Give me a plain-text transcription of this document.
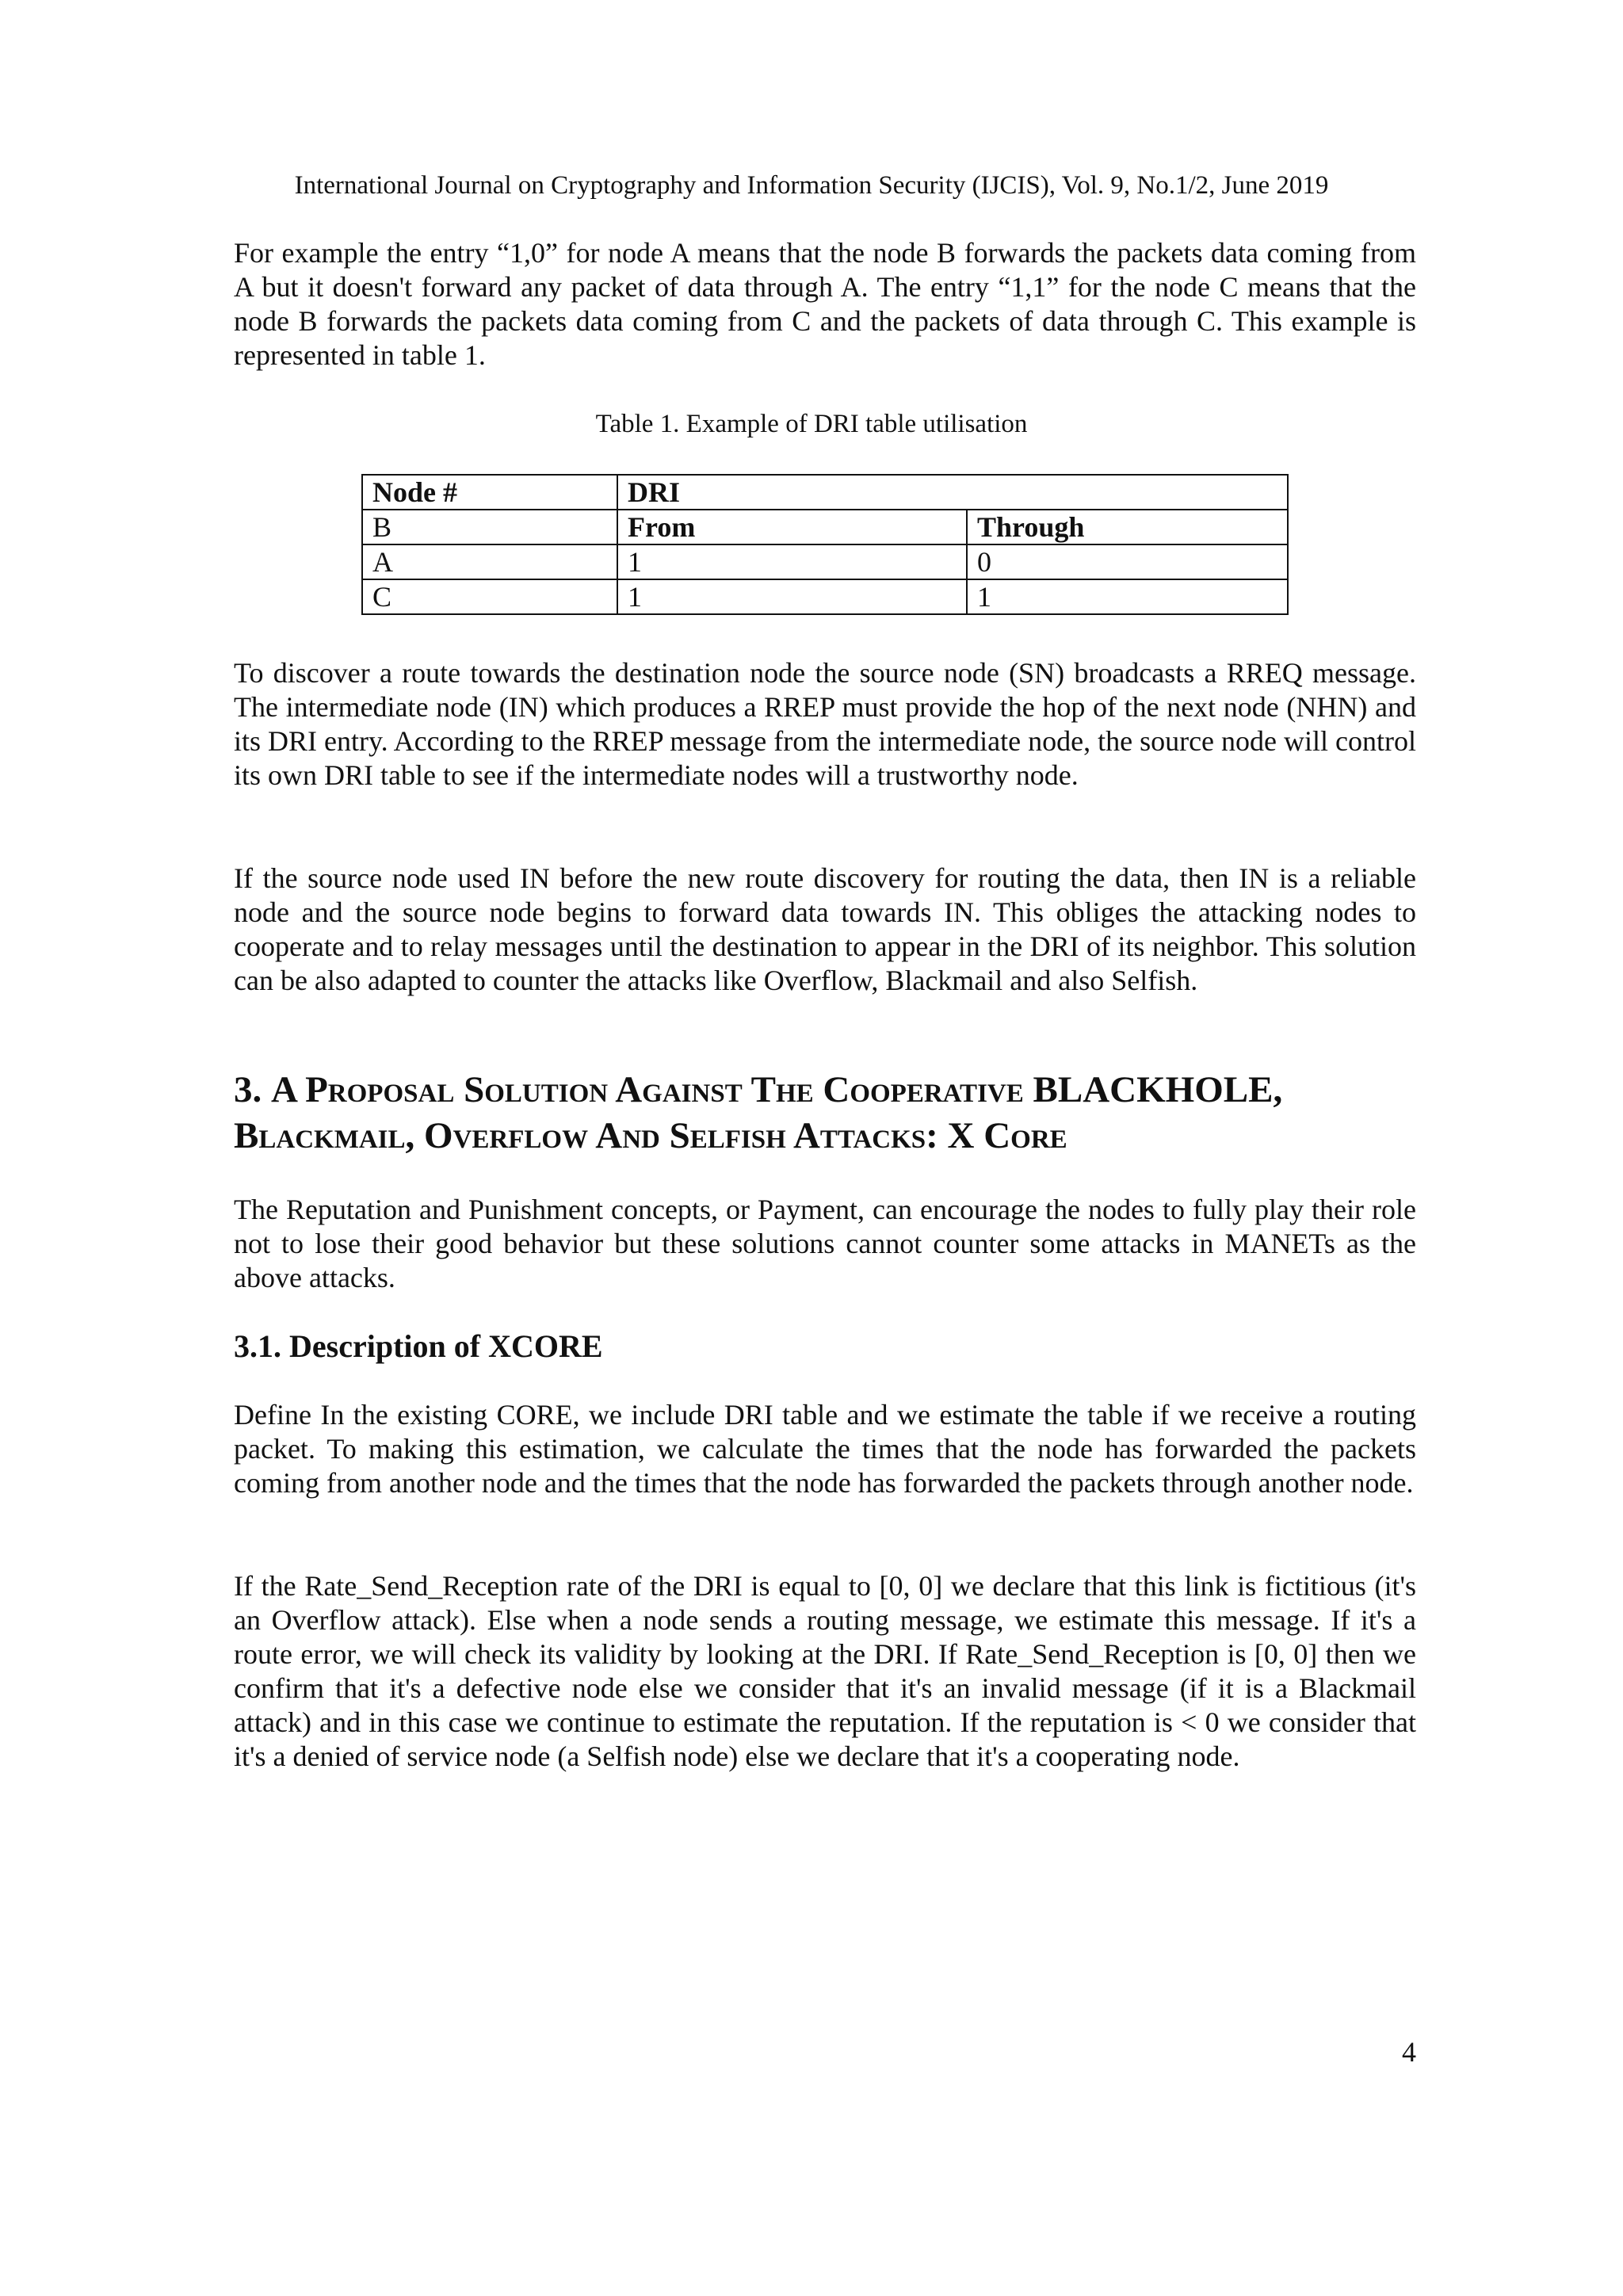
International Journal on Cryptography and Information Security (IJCIS), Vol. 9, No.1/2, June 2019

For example the entry “1,0” for node A means that the node B forwards the packets data coming from A but it doesn't forward any packet of data through A. The entry “1,1” for the node C means that the node B forwards the packets data coming from C and the packets of data through C. This example is represented in table 1.

Table 1. Example of DRI table utilisation
Node #	DRI	
B	From	Through
A	1	0
C	1	1

To discover a route towards the destination node the source node (SN) broadcasts a RREQ message. The intermediate node (IN) which produces a RREP must provide the hop of the next node (NHN) and its DRI entry. According to the RREP message from the intermediate node, the source node will control its own DRI table to see if the intermediate nodes will a trustworthy node.

If the source node used IN before the new route discovery for routing the data, then IN is a reliable node and the source node begins to forward data towards IN. This obliges the attacking nodes to cooperate and to relay messages until the destination to appear in the DRI of its neighbor. This solution can be also adapted to counter the attacks like Overflow, Blackmail and also Selfish.

3. A Proposal Solution Against The Cooperative BLACKHOLE,
Blackmail, Overflow And Selfish Attacks: X Core

The Reputation and Punishment concepts, or Payment, can encourage the nodes to fully play their role not to lose their good behavior but these solutions cannot counter some attacks in MANETs as the above attacks.

3.1. Description of XCORE

Define In the existing CORE, we include DRI table and we estimate the table if we receive a routing packet. To making this estimation, we calculate the times that the node has forwarded the packets coming from another node and the times that the node has forwarded the packets through another node.

If the Rate_Send_Reception rate of the DRI is equal to [0, 0] we declare that this link is fictitious (it's an Overflow attack). Else when a node sends a routing message, we estimate this message. If it's a route error, we will check its validity by looking at the DRI. If Rate_Send_Reception is [0, 0] then we confirm that it's a defective node else we consider that it's an invalid message (if it is a Blackmail attack) and in this case we continue to estimate the reputation. If the reputation is < 0 we consider that it's a denied of service node (a Selfish node) else we declare that it's a cooperating node.

4
